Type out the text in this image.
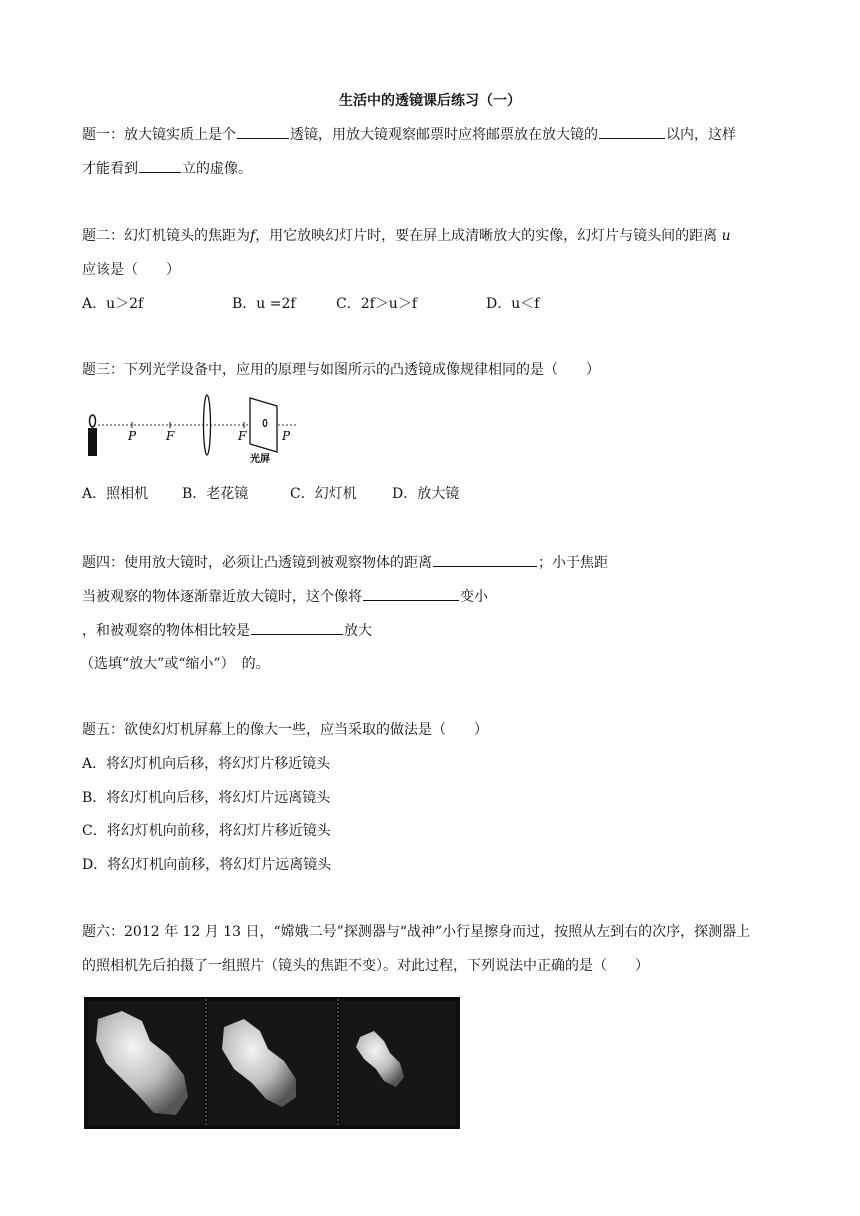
生活中的透镜课后练习（一）
题一：放大镜实质上是个	透镜，用放大镜观察邮票时应将邮票放在放大镜的	以内，这样
才能看到	立的虚像。
题二：幻灯机镜头的焦距为f，用它放映幻灯片时，要在屏上成清晰放大的实像，幻灯片与镜头间的距离 u
应该是（　　）
A．u＞2f	B．u =2f	C．2f＞u＞f	D．u＜f
题三：下列光学设备中，应用的原理与如图所示的凸透镜成像规律相同的是（　　）
P F	F	P
光屏
A．照相机 B．老花镜	C．幻灯机	D．放大镜
题四：使用放大镜时，必须让凸透镜到被观察物体的距离	；小于焦距
当被观察的物体逐渐靠近放大镜时，这个像将	变小
，和被观察的物体相比较是	放大
（选填“放大”或“缩小”）　的。
题五：欲使幻灯机屏幕上的像大一些，应当采取的做法是（　　）
A．将幻灯机向后移，将幻灯片移近镜头
B．将幻灯机向后移，将幻灯片远离镜头
C．将幻灯机向前移，将幻灯片移近镜头
D．将幻灯机向前移，将幻灯片远离镜头
题六：2012 年 12 月 13 日，“嫦娥二号”探测器与“战神”小行星擦身而过，按照从左到右的次序，探测器上
的照相机先后拍摄了一组照片（镜头的焦距不变）。对此过程，下列说法中正确的是（　　）
